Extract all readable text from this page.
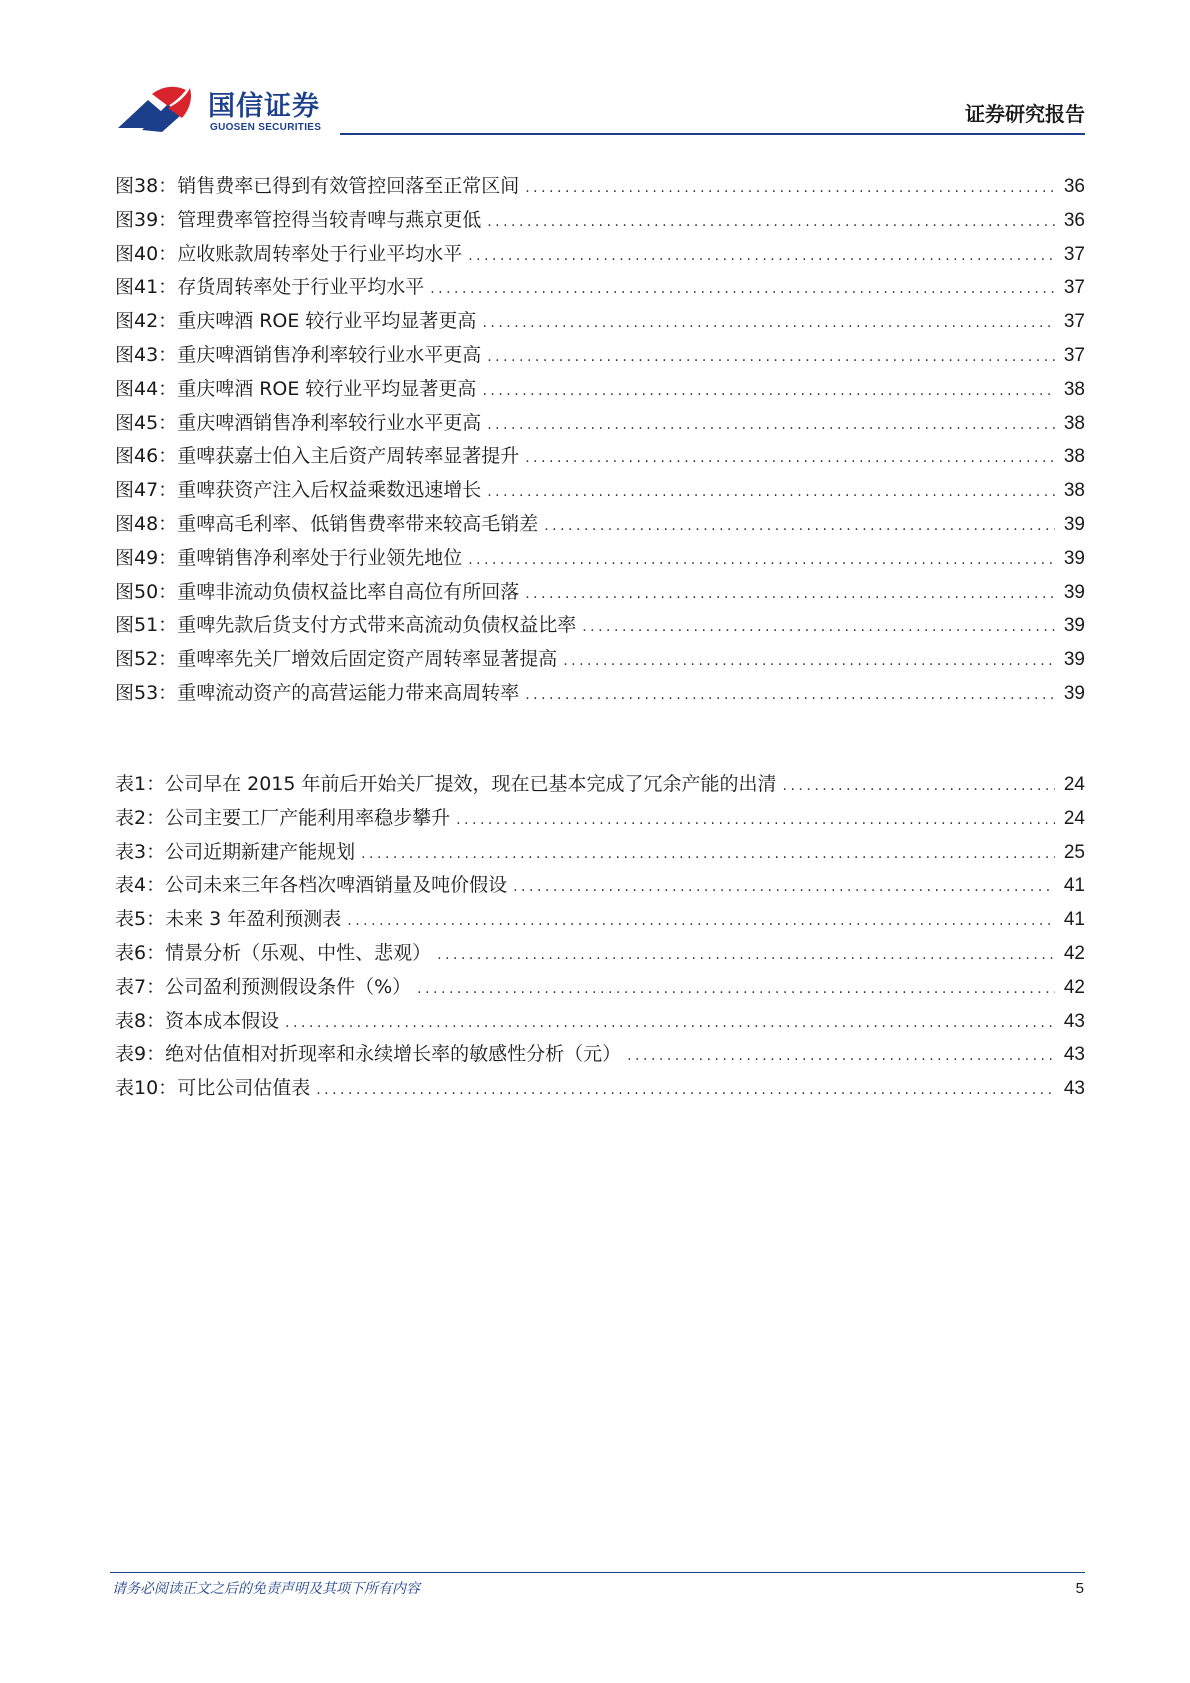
国信证券
GUOSEN SECURITIES
证券研究报告
图38： 销售费率已得到有效管控回落至正常区间 .....	36
图39： 管理费率管控得当较青啤与燕京更低 .....	36
图40： 应收账款周转率处于行业平均水平 .....	37
图41： 存货周转率处于行业平均水平 .....	37
图42： 重庆啤酒 ROE 较行业平均显著更高 .....	37
图43： 重庆啤酒销售净利率较行业水平更高 .....	37
图44： 重庆啤酒 ROE 较行业平均显著更高 .....	38
图45： 重庆啤酒销售净利率较行业水平更高 .....	38
图46： 重啤获嘉士伯入主后资产周转率显著提升 .....	38
图47： 重啤获资产注入后权益乘数迅速增长 .....	38
图48： 重啤高毛利率、低销售费率带来较高毛销差 .....	39
图49： 重啤销售净利率处于行业领先地位 .....	39
图50： 重啤非流动负债权益比率自高位有所回落 .....	39
图51： 重啤先款后货支付方式带来高流动负债权益比率 .....	39
图52： 重啤率先关厂增效后固定资产周转率显著提高 .....	39
图53： 重啤流动资产的高营运能力带来高周转率 .....	39
表1： 公司早在 2015 年前后开始关厂提效，现在已基本完成了冗余产能的出清 .....	24
表2： 公司主要工厂产能利用率稳步攀升 .....	24
表3： 公司近期新建产能规划 .....	25
表4： 公司未来三年各档次啤酒销量及吨价假设 .....	41
表5： 未来 3 年盈利预测表 .....	41
表6： 情景分析（乐观、中性、悲观） .....	42
表7： 公司盈利预测假设条件（%） .....	42
表8： 资本成本假设 .....	43
表9： 绝对估值相对折现率和永续增长率的敏感性分析（元） .....	43
表10： 可比公司估值表 .....	43
请务必阅读正文之后的免责声明及其项下所有内容	5
